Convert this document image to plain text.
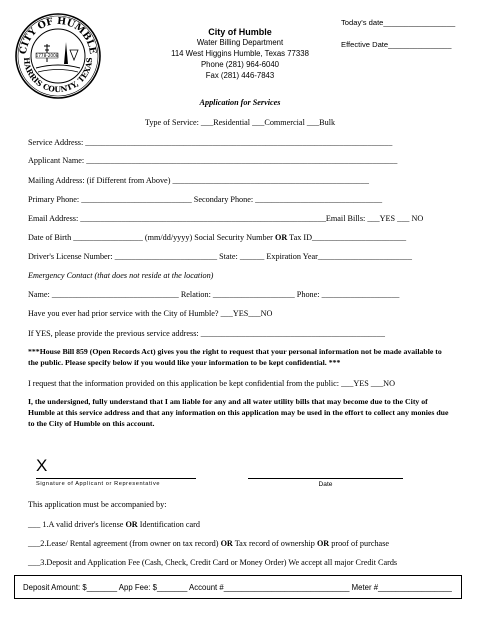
CITY OF HUMBLE
HARRIS COUNTY, TEXAS
1778-2008
City of Humble
Water Billing Department
114 West Higgins Humble, Texas 77338
Phone (281) 964-6040
Fax (281) 446-7843
Today's date_________________
Effective Date_______________
Application for Services
Type of Service: ___Residential ___Commercial ___Bulk
Service Address: ___________________________________________________________________________
Applicant Name: ____________________________________________________________________________
Mailing Address: (if Different from Above) ________________________________________________
Primary Phone: ___________________________ Secondary Phone: _______________________________
Email Address: ____________________________________________________________Email Bills: ___YES ___ NO
Date of Birth _________________ (mm/dd/yyyy) Social Security Number OR Tax ID_______________________
Driver's License Number: _________________________ State: ______ Expiration Year_______________________
Emergency Contact (that does not reside at the location)
Name: _______________________________ Relation: ____________________ Phone: ___________________
Have you ever had prior service with the City of Humble? ___YES___NO
If YES, please provide the previous service address: _____________________________________________
***House Bill 859 (Open Records Act) gives you the right to request that your personal information not be made available to the public. Please specify below if you would like your information to be kept confidential. ***
I request that the information provided on this application be kept confidential from the public: ___YES ___NO
I, the undersigned, fully understand that I am liable for any and all water utility bills that may become due to the City of Humble at this service address and that any information on this application may be used in the effort to collect any monies due to the City of Humble on this account.
X
Signature of Applicant or Representative	Date
This application must be accompanied by:
___ 1.A valid driver's license OR Identification card
___2.Lease/ Rental agreement (from owner on tax record) OR Tax record of ownership OR proof of purchase
___3.Deposit and Application Fee (Cash, Check, Credit Card or Money Order) We accept all major Credit Cards
Deposit Amount: $_______ App Fee: $_______ Account #_____________________________ Meter #_________________
